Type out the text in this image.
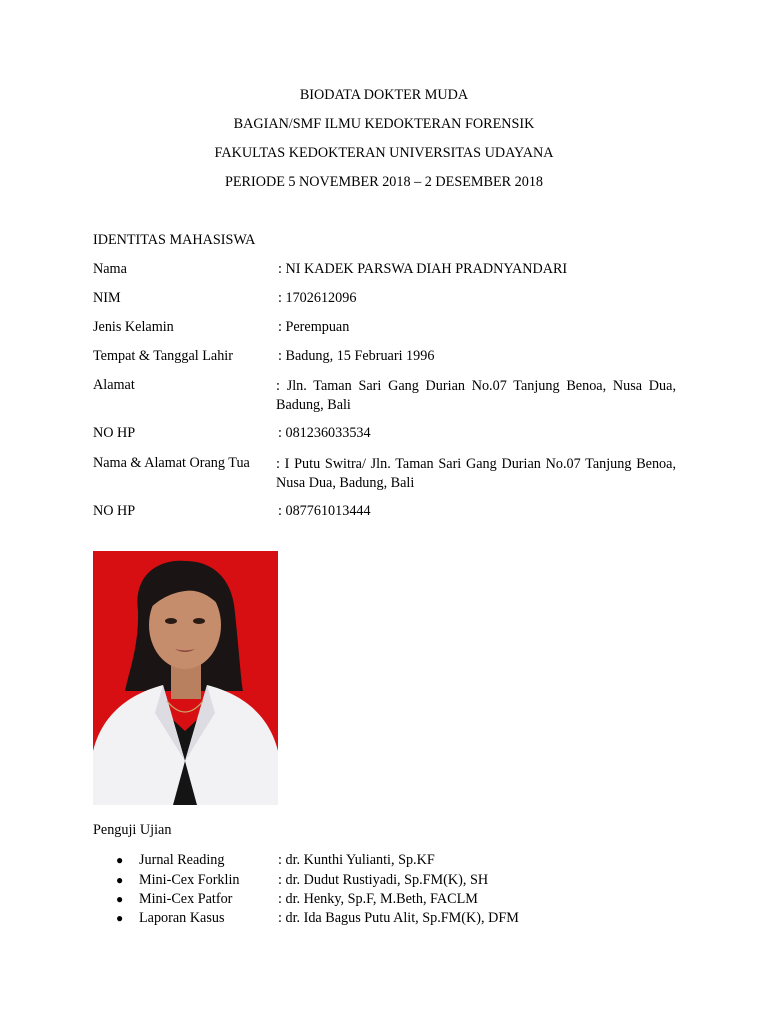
BIODATA DOKTER MUDA
BAGIAN/SMF ILMU KEDOKTERAN FORENSIK
FAKULTAS KEDOKTERAN UNIVERSITAS UDAYANA
PERIODE 5 NOVEMBER 2018 – 2 DESEMBER 2018
IDENTITAS MAHASISWA
Nama	: NI KADEK PARSWA DIAH PRADNYANDARI
NIM	: 1702612096
Jenis Kelamin	: Perempuan
Tempat & Tanggal Lahir	: Badung, 15 Februari 1996
Alamat	: Jln. Taman Sari Gang Durian No.07 Tanjung Benoa, Nusa Dua, Badung, Bali
NO HP	: 081236033534
Nama & Alamat Orang Tua : I Putu Switra/ Jln. Taman Sari Gang Durian No.07 Tanjung Benoa, Nusa Dua, Badung, Bali
NO HP	: 087761013444
Penguji Ujian
● Jurnal Reading	: dr. Kunthi Yulianti, Sp.KF
● Mini-Cex Forklin	: dr. Dudut Rustiyadi, Sp.FM(K), SH
● Mini-Cex Patfor	: dr. Henky, Sp.F, M.Beth, FACLM
● Laporan Kasus	: dr. Ida Bagus Putu Alit, Sp.FM(K), DFM
